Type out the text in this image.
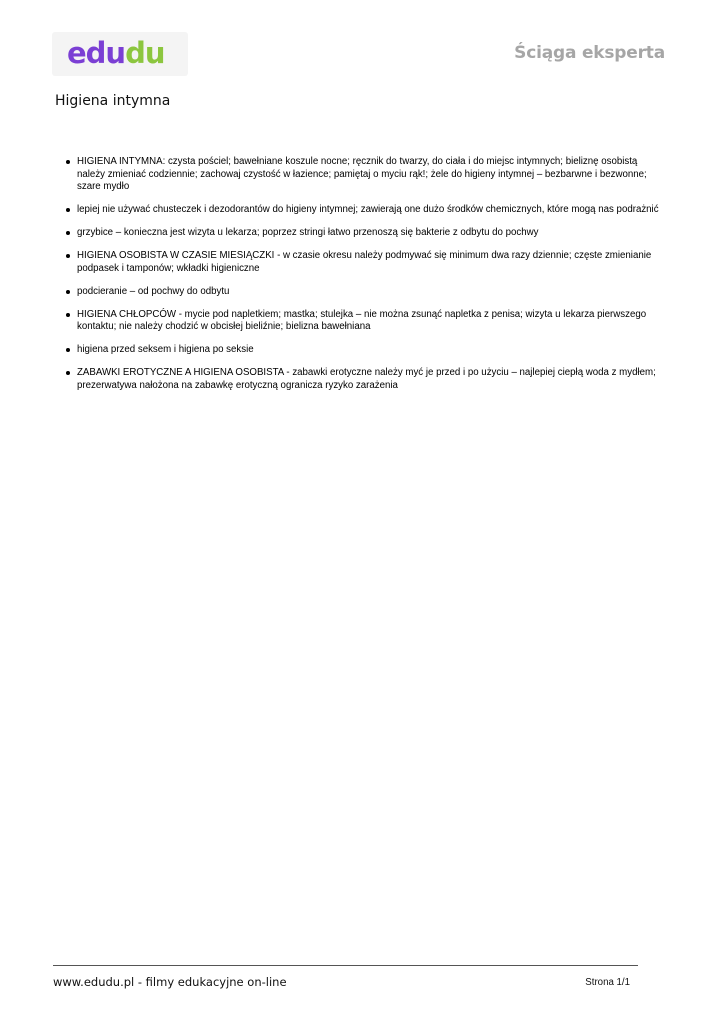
edudu	Ściąga eksperta
Higiena intymna
HIGIENA INTYMNA: czysta pościel; bawełniane koszule nocne; ręcznik do twarzy, do ciała i do miejsc intymnych; bieliznę osobistą należy zmieniać codziennie; zachowaj czystość w łazience; pamiętaj o myciu rąk!; żele do higieny intymnej – bezbarwne i bezwonne; szare mydło
lepiej nie używać chusteczek i dezodorantów do higieny intymnej; zawierają one dużo środków chemicznych, które mogą nas podrażnić
grzybice – konieczna jest wizyta u lekarza; poprzez stringi łatwo przenoszą się bakterie z odbytu do pochwy
HIGIENA OSOBISTA W CZASIE MIESIĄCZKI - w czasie okresu należy podmywać się minimum dwa razy dziennie; częste zmienianie podpasek i tamponów; wkładki higieniczne
podcieranie – od pochwy do odbytu
HIGIENA CHŁOPCÓW - mycie pod napletkiem; mastka; stulejka – nie można zsunąć napletka z penisa; wizyta u lekarza pierwszego kontaktu; nie należy chodzić w obcisłej bieliźnie; bielizna bawełniana
higiena przed seksem i higiena po seksie
ZABAWKI EROTYCZNE A HIGIENA OSOBISTA - zabawki erotyczne należy myć je przed i po użyciu – najlepiej ciepłą woda z mydłem; prezerwatywa nałożona na zabawkę erotyczną ogranicza ryzyko zarażenia
www.edudu.pl - filmy edukacyjne on-line	Strona 1/1
